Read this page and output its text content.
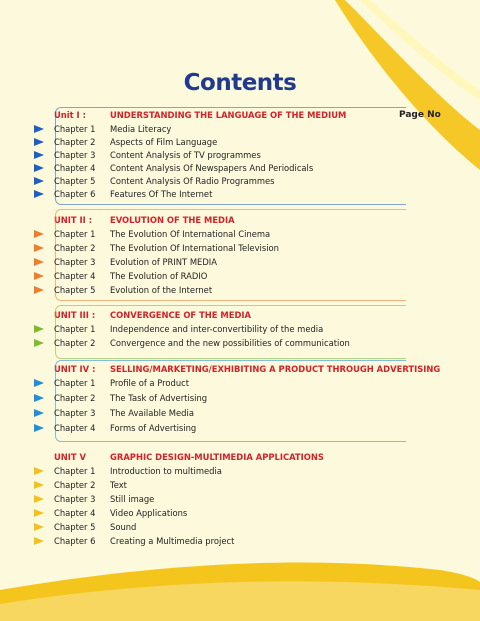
Contents
Page No
Unit I :	UNDERSTANDING THE LANGUAGE OF THE MEDIUM
Chapter 1 Media Literacy
Chapter 2 Aspects of Film Language
Chapter 3 Content Analysis of TV programmes
Chapter 4 Content Analysis Of Newspapers And Periodicals
Chapter 5 Content Analysis Of Radio Programmes
Chapter 6 Features Of The Internet
UNIT II : EVOLUTION OF THE MEDIA
Chapter 1 The Evolution Of International Cinema
Chapter 2 The Evolution Of International Television
Chapter 3 Evolution of PRINT MEDIA
Chapter 4 The Evolution of RADIO
Chapter 5 Evolution of the Internet
UNIT III : CONVERGENCE OF THE MEDIA
Chapter 1 Independence and inter-convertibility of the media
Chapter 2 Convergence and the new possibilities of communication
UNIT IV : SELLING/MARKETING/EXHIBITING A PRODUCT THROUGH ADVERTISING
Chapter 1 Profile of a Product
Chapter 2 The Task of Advertising
Chapter 3 The Available Media
Chapter 4 Forms of Advertising
UNIT V	GRAPHIC DESIGN-MULTIMEDIA APPLICATIONS
Chapter 1 Introduction to multimedia
Chapter 2 Text
Chapter 3 Still image
Chapter 4 Video Applications
Chapter 5 Sound
Chapter 6 Creating a Multimedia project
